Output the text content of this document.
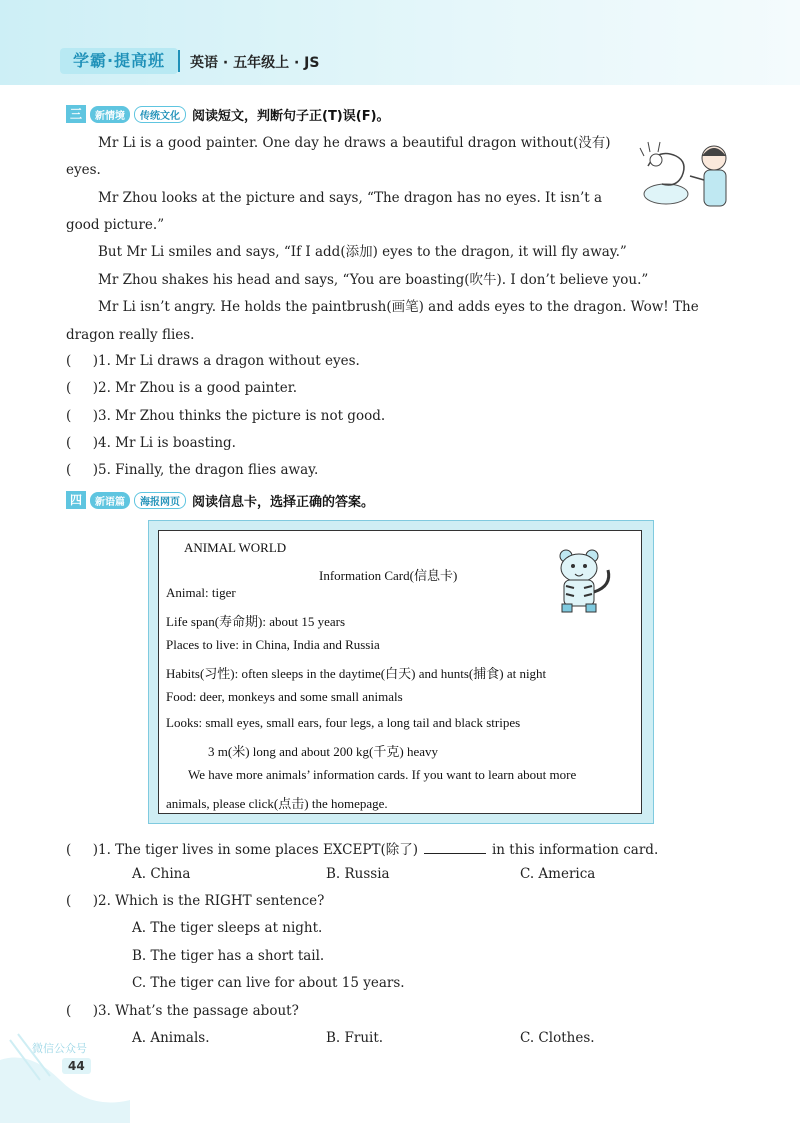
学霸·提高班	英语 · 五年级上 · JS
三	新情境	传统文化 阅读短文，判断句子正(T)误(F)。
Mr Li is a good painter. One day he draws a beautiful dragon without(没有)
eyes.
Mr Zhou looks at the picture and says, “The dragon has no eyes. It isn’t a
good picture.”
But Mr Li smiles and says, “If I add(添加) eyes to the dragon, it will fly away.”
Mr Zhou shakes his head and says, “You are boasting(吹牛). I don’t believe you.”
Mr Li isn’t angry. He holds the paintbrush(画笔) and adds eyes to the dragon. Wow! The
dragon really flies.
(     )1. Mr Li draws a dragon without eyes.
(     )2. Mr Zhou is a good painter.
(     )3. Mr Zhou thinks the picture is not good.
(     )4. Mr Li is boasting.
(     )5. Finally, the dragon flies away.
四	新语篇	海报网页 阅读信息卡，选择正确的答案。
ANIMAL WORLD
Information Card(信息卡)
Animal: tiger
Life span(寿命期): about 15 years
Places to live: in China, India and Russia
Habits(习性): often sleeps in the daytime(白天) and hunts(捕食) at night
Food: deer, monkeys and some small animals
Looks: small eyes, small ears, four legs, a long tail and black stripes
3 m(米) long and about 200 kg(千克) heavy
We have more animals’ information cards. If you want to learn about more
animals, please click(点击) the homepage.
(     )1. The tiger lives in some places EXCEPT(除了)	in this information card.
A. China	B. Russia	C. America
(     )2. Which is the RIGHT sentence?
A. The tiger sleeps at night.
B. The tiger has a short tail.
C. The tiger can live for about 15 years.
(     )3. What’s the passage about?
A. Animals.	B. Fruit.	C. Clothes.
微信公众号
44
